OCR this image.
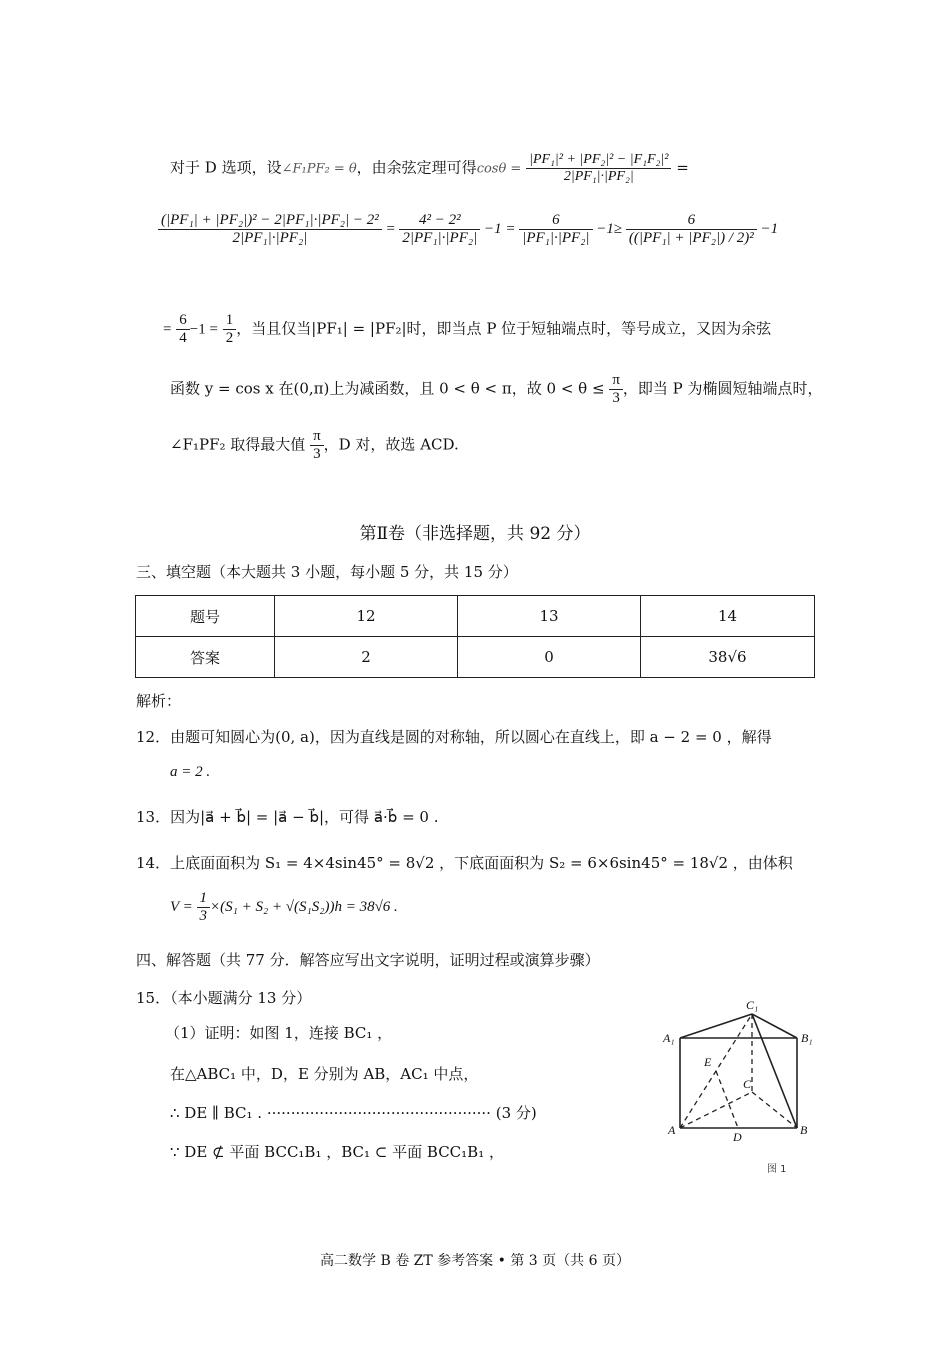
对于 D 选项，设∠F₁PF₂ = θ，由余弦定理可得$\cos\theta = \frac{\text{|PF₁|² + |PF₂|² − |F₁F₂|²}}{\text{2|PF₁|·|PF₂|}}$ =
$\frac{\text{(|PF₁| + |PF₂|)² − 2|PF₁|·|PF₂| − 2²}}{\text{2|PF₁|·|PF₂|}} = \frac{\text{4² − 2²}}{\text{2|PF₁|·|PF₂|}} -1 = \frac{6}{\text{|PF₁|·|PF₂|}} -1\ge \frac{6}{\text{((|PF₁| + |PF₂|) / 2)²}} -1$
= $\frac{6}{4} -1 = \frac{1}{2}$ ，当且仅当|PF₁| = |PF₂|时，即当点 P 位于短轴端点时，等号成立，又因为余弦
函数 y = cos x 在(0,π)上为减函数，且 0 < θ < π，故 $0 < \theta \le \frac{\pi}{3}$ ，即当 P 为椭圆短轴端点时，
∠F₁PF₂ 取得最大值 $\frac{\pi}{3}$ ，D 对，故选 ACD.
第Ⅱ卷（非选择题，共 92 分）
三、填空题（本大题共 3 小题，每小题 5 分，共 15 分）
题号	12	13	14
答案	2	0	38√6
解析：
12．由题可知圆心为(0, a)，因为直线是圆的对称轴，所以圆心在直线上，即 a − 2 = 0 ，解得
a = 2 .
13．因为|a⃗ + b⃗| = |a⃗ − b⃗|，可得 a⃗·b⃗ = 0 .
14．上底面面积为 S₁ = 4×4sin45° = 8√2 ，下底面面积为 S₂ = 6×6sin45° = 18√2 ，由体积
$V = \frac{1}{3} \times(S_1 + S_2 + √(S_1S_2))h = 38√6$ .
四、解答题（共 77 分．解答应写出文字说明，证明过程或演算步骤）
15．（本小题满分 13 分）
（1）证明：如图 1，连接 BC₁ ，
在△ABC₁ 中，D，E 分别为 AB，AC₁ 中点，
∴ DE ∥ BC₁ . ··············································· (3 分)
∵ DE ⊄ 平面 BCC₁B₁ ，BC₁ ⊂ 平面 BCC₁B₁ ，
C₁
A₁	B₁
E
C
A	D	B
图 1
高二数学 B 卷 ZT 参考答案 • 第 3 页（共 6 页）
